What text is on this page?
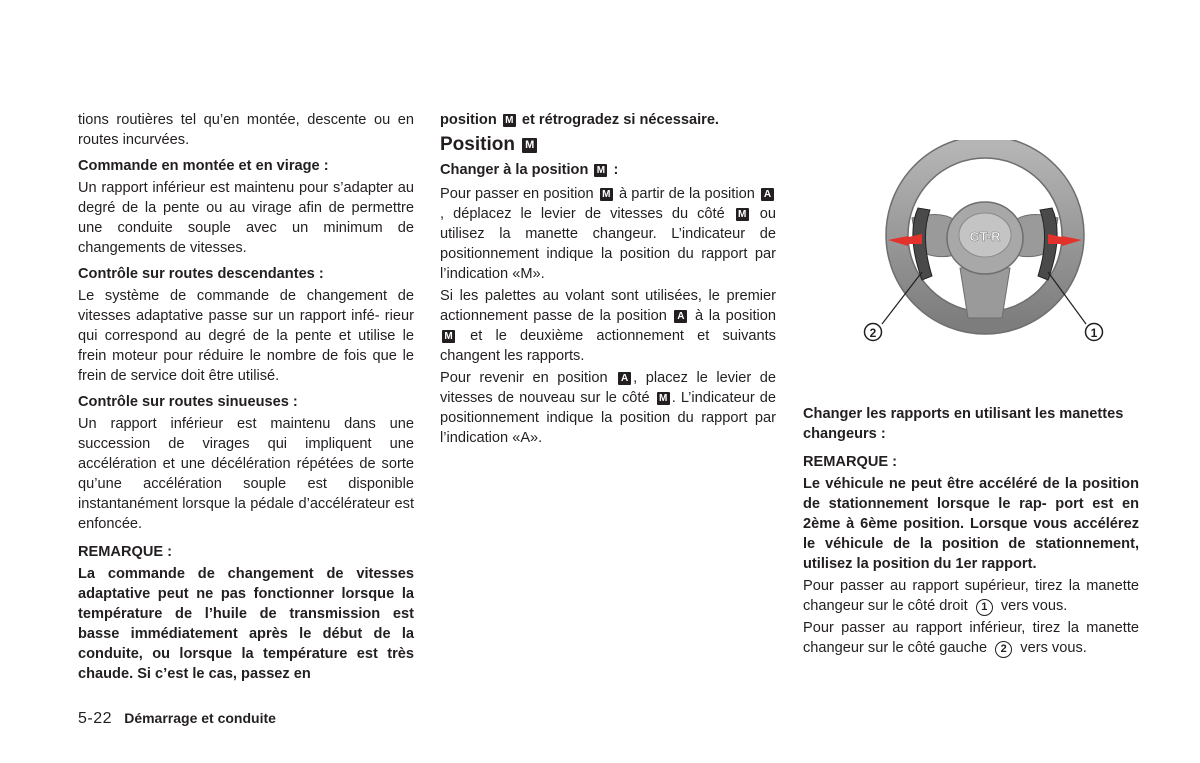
tions routières tel qu’en montée, descente ou en routes incurvées.

Commande en montée et en virage :

Un rapport inférieur est maintenu pour s’adapter au degré de la pente ou au virage afin de permettre une conduite souple avec un minimum de changements de vitesses.

Contrôle sur routes descendantes :

Le système de commande de changement de vitesses adaptative passe sur un rapport infé- rieur qui correspond au degré de la pente et utilise le frein moteur pour réduire le nombre de fois que le frein de service doit être utilisé.

Contrôle sur routes sinueuses :

Un rapport inférieur est maintenu dans une succession de virages qui impliquent une accélération et une décélération répétées de sorte qu’une accélération souple est disponible instantanément lorsque la pédale d’accélérateur est enfoncée.

REMARQUE :

La commande de changement de vitesses adaptative peut ne pas fonctionner lorsque la température de l’huile de transmission est basse immédiatement après le début de la conduite, ou lorsque la température est très chaude. Si c’est le cas, passez en

position M et rétrogradez si nécessaire.

Position M

Changer à la position M :

Pour passer en position M à partir de la position A, déplacez le levier de vitesses du côté M ou utilisez la manette changeur. L’indicateur de positionnement indique la position du rapport par l’indication «M».

Si les palettes au volant sont utilisées, le premier actionnement passe de la position A à la position M et le deuxième actionnement et suivants changent les rapports.

Pour revenir en position A , placez le levier de vitesses de nouveau sur le côté M . L’indicateur de positionnement indique la position du rapport par l’indication «A».

GT-R
2	1

Changer les rapports en utilisant les manettes changeurs :

REMARQUE :

Le véhicule ne peut être accéléré de la position de stationnement lorsque le rap- port est en 2ème à 6ème position. Lorsque vous accélérez le véhicule de la position de stationnement, utilisez la position du 1er rapport.

Pour passer au rapport supérieur, tirez la manette changeur sur le côté droit 1 vers vous.

Pour passer au rapport inférieur, tirez la manette changeur sur le côté gauche 2 vers vous.

5-22 Démarrage et conduite
